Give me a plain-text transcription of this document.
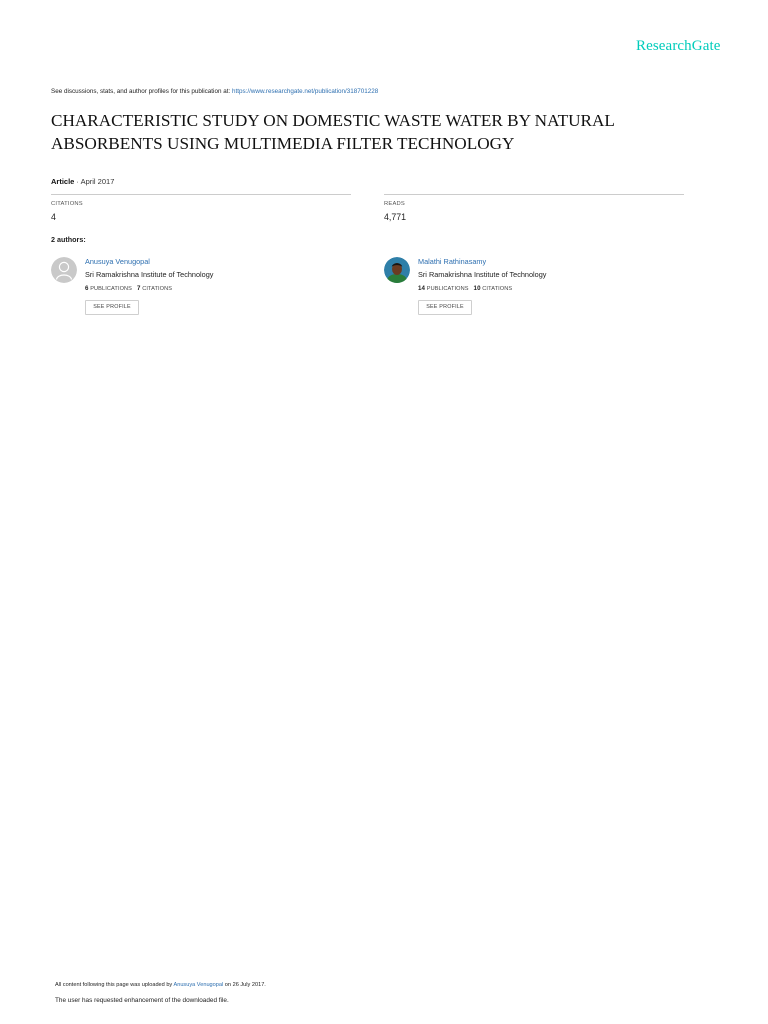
ResearchGate
See discussions, stats, and author profiles for this publication at: https://www.researchgate.net/publication/318701228
CHARACTERISTIC STUDY ON DOMESTIC WASTE WATER BY NATURAL ABSORBENTS USING MULTIMEDIA FILTER TECHNOLOGY
Article · April 2017
CITATIONS
4
READS
4,771
2 authors:
Anusuya Venugopal
Sri Ramakrishna Institute of Technology
6 PUBLICATIONS 7 CITATIONS
SEE PROFILE
Malathi Rathinasamy
Sri Ramakrishna Institute of Technology
14 PUBLICATIONS 10 CITATIONS
SEE PROFILE
All content following this page was uploaded by Anusuya Venugopal on 26 July 2017.
The user has requested enhancement of the downloaded file.
